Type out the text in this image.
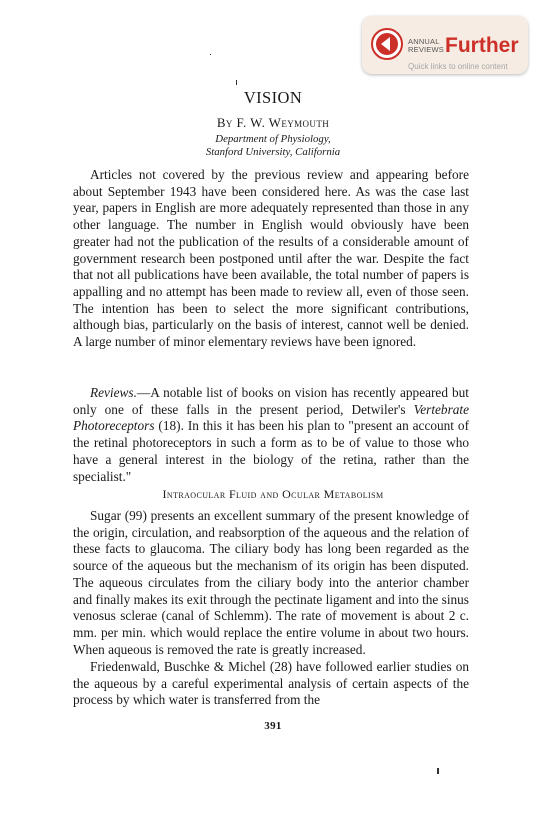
ANNUAL
REVIEWS Further
Quick links to online content
VISION
By F. W. Weymouth
Department of Physiology,
Stanford University, California

Articles not covered by the previous review and appearing before about September 1943 have been considered here. As was the case last year, papers in English are more adequately represented than those in any other language. The number in English would obviously have been greater had not the publication of the results of a considerable amount of government research been postponed until after the war. Despite the fact that not all publications have been available, the total number of papers is appalling and no attempt has been made to review all, even of those seen. The intention has been to select the more significant contributions, although bias, particularly on the basis of interest, cannot well be denied. A large number of minor elementary reviews have been ignored.

Reviews.—A notable list of books on vision has recently appeared but only one of these falls in the present period, Detwiler's Vertebrate Photoreceptors (18). In this it has been his plan to "present an account of the retinal photoreceptors in such a form as to be of value to those who have a general interest in the biology of the retina, rather than the specialist."

Intraocular Fluid and Ocular Metabolism

Sugar (99) presents an excellent summary of the present knowledge of the origin, circulation, and reabsorption of the aqueous and the relation of these facts to glaucoma. The ciliary body has long been regarded as the source of the aqueous but the mechanism of its origin has been disputed. The aqueous circulates from the ciliary body into the anterior chamber and finally makes its exit through the pectinate ligament and into the sinus venosus sclerae (canal of Schlemm). The rate of movement is about 2 c. mm. per min. which would replace the entire volume in about two hours. When aqueous is removed the rate is greatly increased.

Friedenwald, Buschke & Michel (28) have followed earlier studies on the aqueous by a careful experimental analysis of certain aspects of the process by which water is transferred from the

391
